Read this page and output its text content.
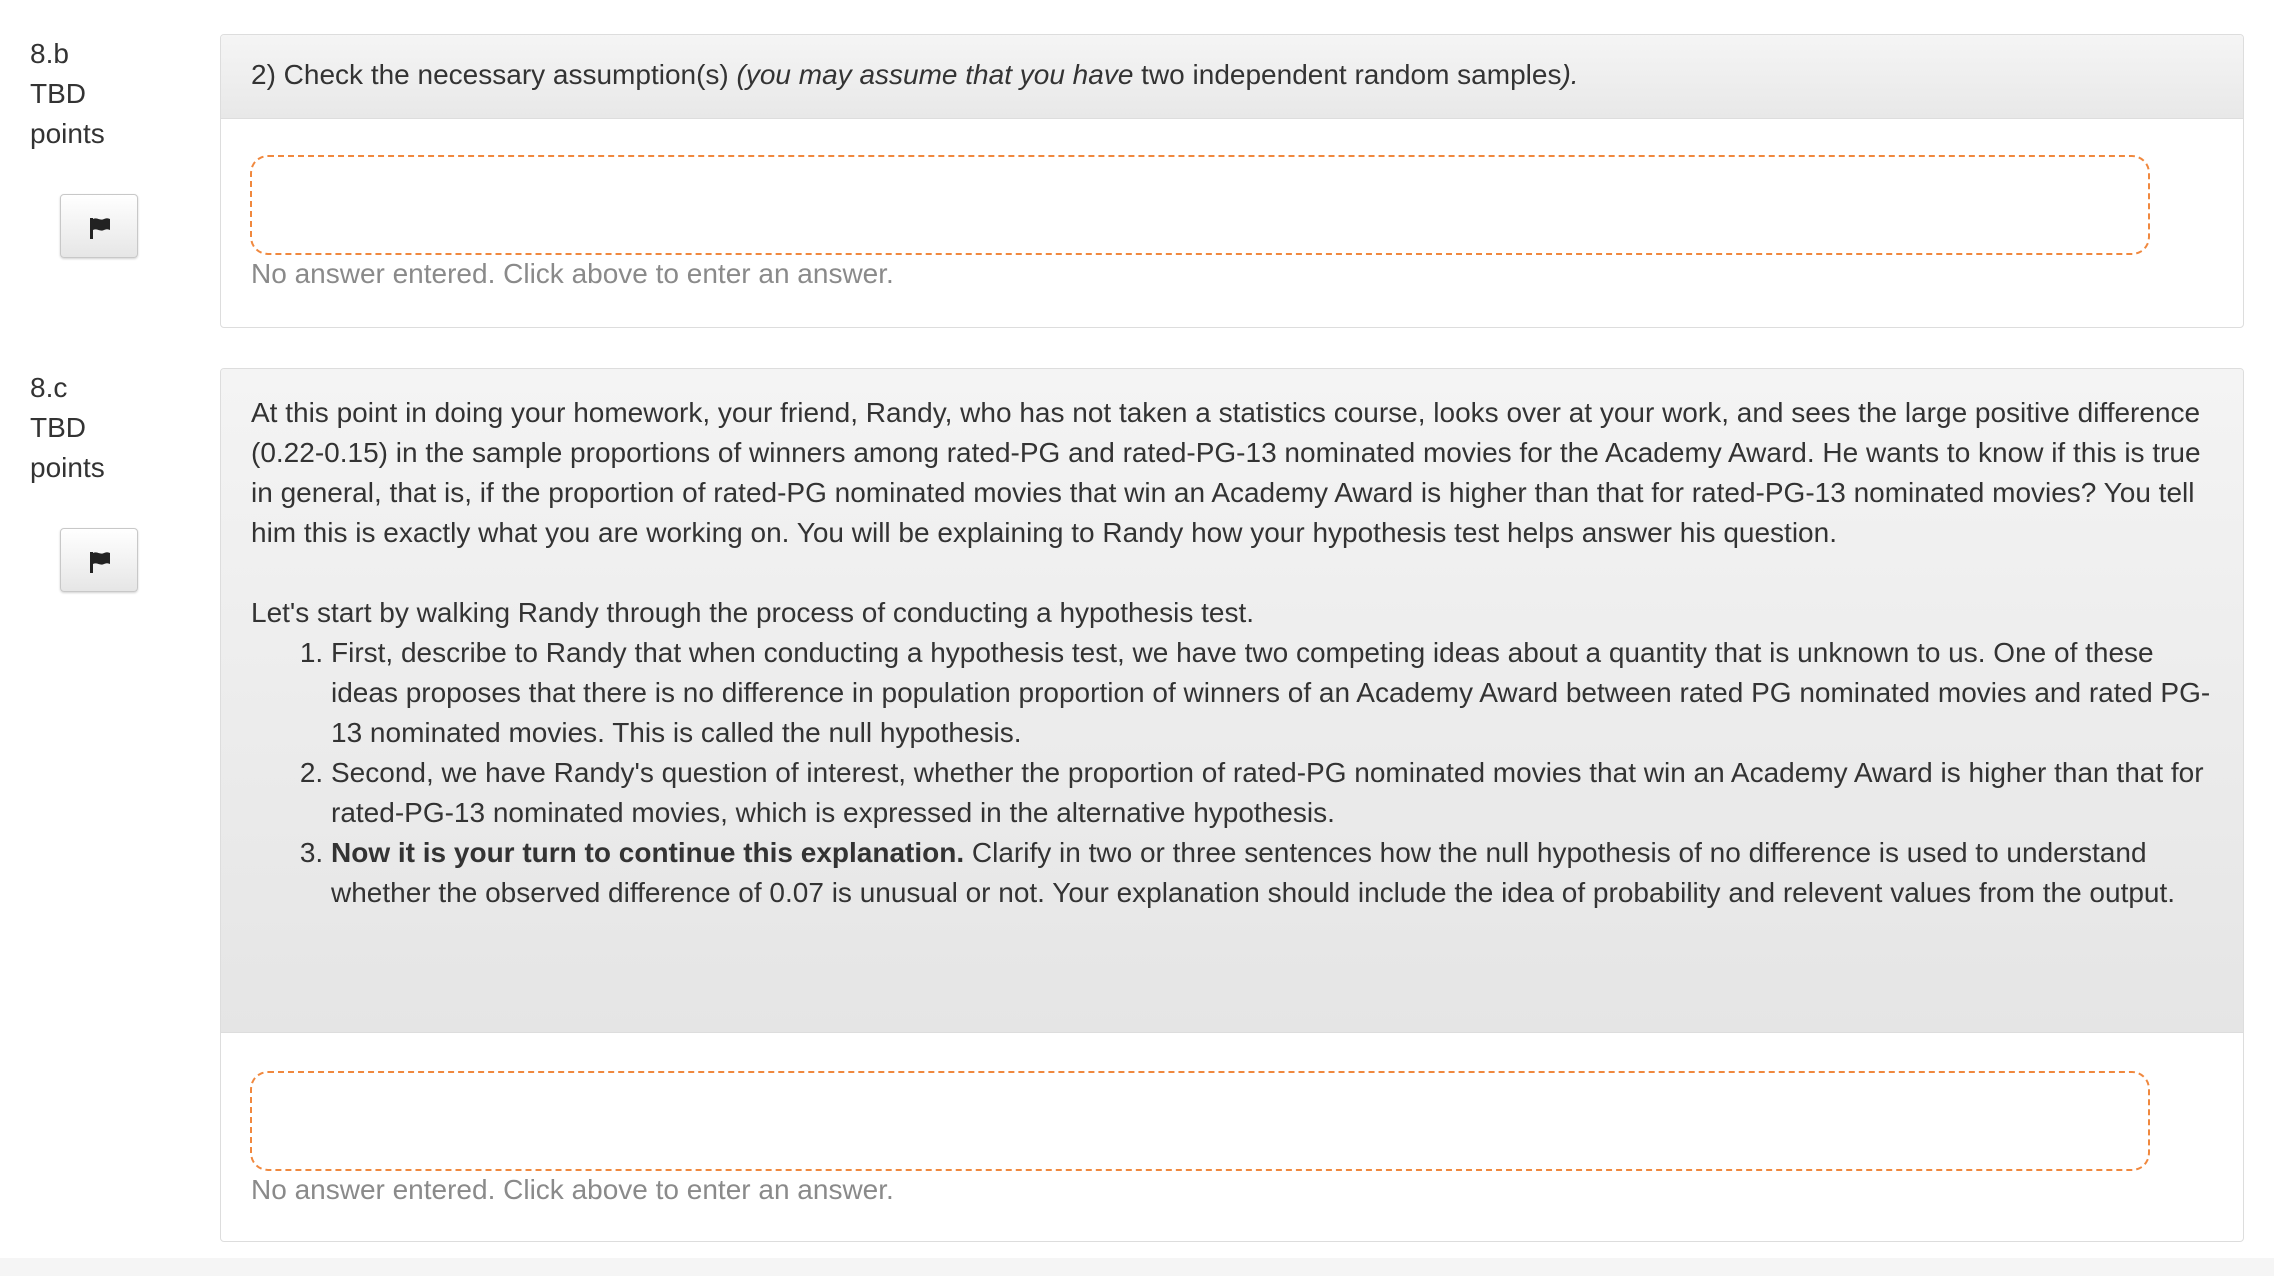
8.b
TBD
points
2) Check the necessary assumption(s) (you may assume that you have two independent random samples).
No answer entered. Click above to enter an answer.
8.c
TBD
points

At this point in doing your homework, your friend, Randy, who has not taken a statistics course, looks over at your work, and sees the large positive difference (0.22-0.15) in the sample proportions of winners among rated-PG and rated-PG-13 nominated movies for the Academy Award. He wants to know if this is true in general, that is, if the proportion of rated-PG nominated movies that win an Academy Award is higher than that for rated-PG-13 nominated movies? You tell him this is exactly what you are working on. You will be explaining to Randy how your hypothesis test helps answer his question.

Let's start by walking Randy through the process of conducting a hypothesis test.

1. First, describe to Randy that when conducting a hypothesis test, we have two competing ideas about a quantity that is unknown to us. One of these ideas proposes that there is no difference in population proportion of winners of an Academy Award between rated PG nominated movies and rated PG-13 nominated movies. This is called the null hypothesis.
2. Second, we have Randy's question of interest, whether the proportion of rated-PG nominated movies that win an Academy Award is higher than that for rated-PG-13 nominated movies, which is expressed in the alternative hypothesis.
3. Now it is your turn to continue this explanation. Clarify in two or three sentences how the null hypothesis of no difference is used to understand whether the observed difference of 0.07 is unusual or not. Your explanation should include the idea of probability and relevent values from the output.
No answer entered. Click above to enter an answer.
